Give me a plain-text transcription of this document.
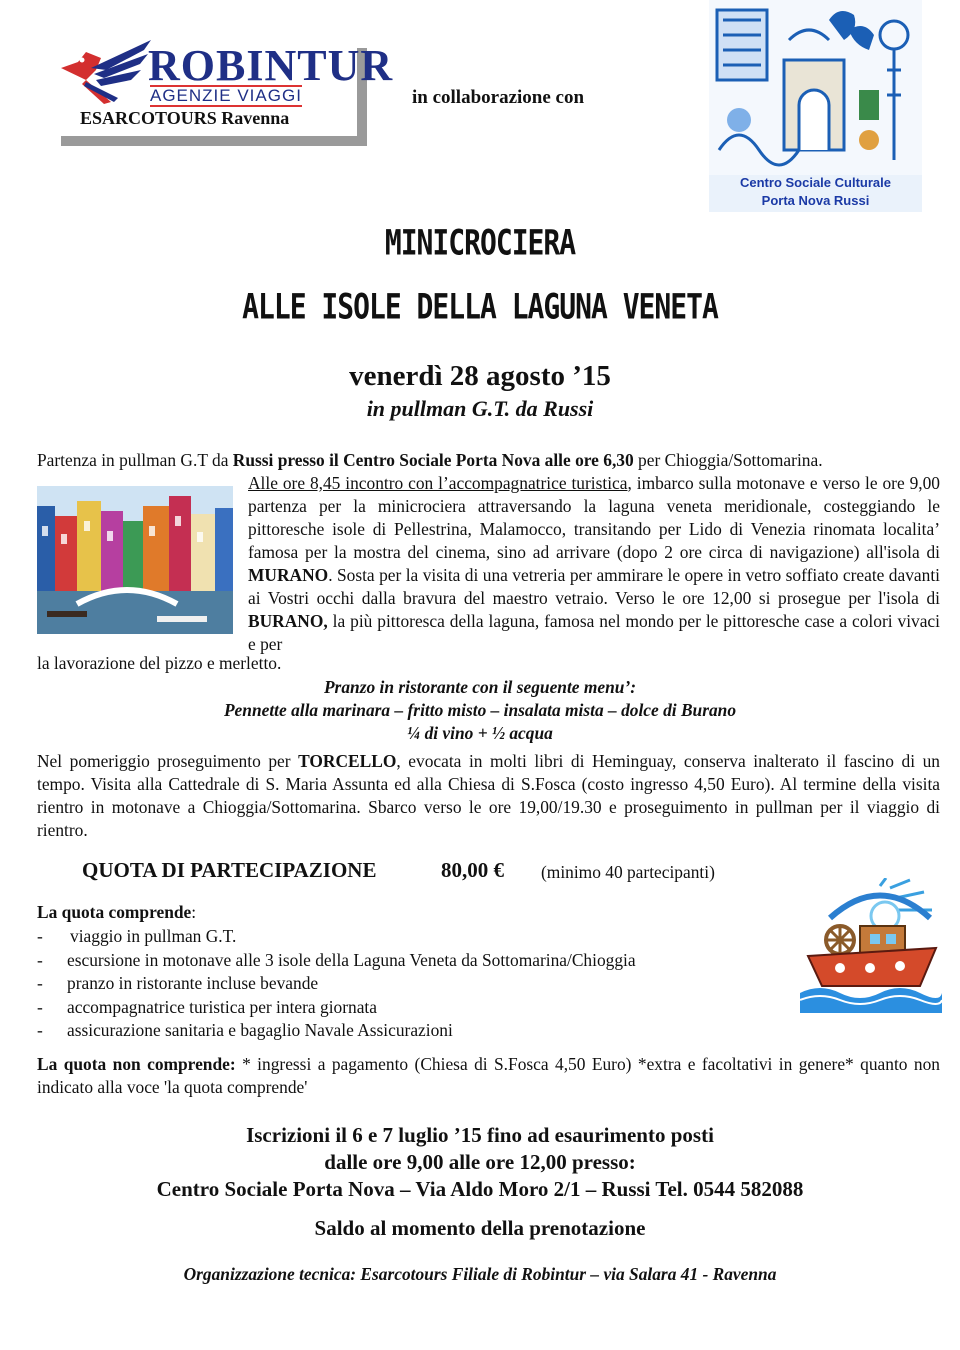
ROBINTUR
AGENZIE VIAGGI
ESARCOTOURS Ravenna
in collaborazione con
Centro Sociale Culturale
Porta Nova Russi
MINICROCIERA
ALLE ISOLE DELLA LAGUNA VENETA
venerdì 28 agosto ’15
in pullman G.T. da Russi

Partenza in pullman G.T da Russi presso il Centro Sociale Porta Nova alle ore 6,30 per Chioggia/Sottomarina.

Alle ore 8,45 incontro con l’accompagnatrice turistica, imbarco sulla motonave e verso le ore 9,00 partenza per la minicrociera attraversando la laguna veneta meridionale, costeggiando le pittoresche isole di Pellestrina, Malamocco, transitando per Lido di Venezia rinomata localita’ famosa per la mostra del cinema, sino ad arrivare (dopo 2 ore circa di navigazione) all'isola di MURANO. Sosta per la visita di una vetreria per ammirare le opere in vetro soffiato create davanti ai Vostri occhi dalla bravura del maestro vetraio. Verso le ore 12,00 si prosegue per l'isola di BURANO, la più pittoresca della laguna, famosa nel mondo per le pittoresche case a colori vivaci e per

la lavorazione del pizzo e merletto.

Pranzo in ristorante con il seguente menu’:
Pennette alla marinara – fritto misto – insalata mista – dolce di Burano
¼ di vino + ½ acqua

Nel pomeriggio proseguimento per TORCELLO, evocata in molti libri di Heminguay, conserva inalterato il fascino di un tempo. Visita alla Cattedrale di S. Maria Assunta ed alla Chiesa di S.Fosca (costo ingresso 4,50 Euro). Al termine della visita rientro in motonave a Chioggia/Sottomarina. Sbarco verso le ore 19,00/19.30 e proseguimento in pullman per il viaggio di rientro.

QUOTA DI PARTECIPAZIONE	80,00 € (minimo 40 partecipanti)
La quota comprende:
- viaggio in pullman G.T.
- escursione in motonave alle 3 isole della Laguna Veneta da Sottomarina/Chioggia
- pranzo in ristorante incluse bevande
- accompagnatrice turistica per intera giornata
- assicurazione sanitaria e bagaglio Navale Assicurazioni

La quota non comprende: * ingressi a pagamento (Chiesa di S.Fosca 4,50 Euro) *extra e facoltativi in genere* quanto non indicato alla voce 'la quota comprende'

Iscrizioni il 6 e 7 luglio ’15 fino ad esaurimento posti
dalle ore 9,00 alle ore 12,00 presso:
Centro Sociale Porta Nova – Via Aldo Moro 2/1 – Russi Tel. 0544 582088
Saldo al momento della prenotazione
Organizzazione tecnica: Esarcotours Filiale di Robintur – via Salara 41 - Ravenna
